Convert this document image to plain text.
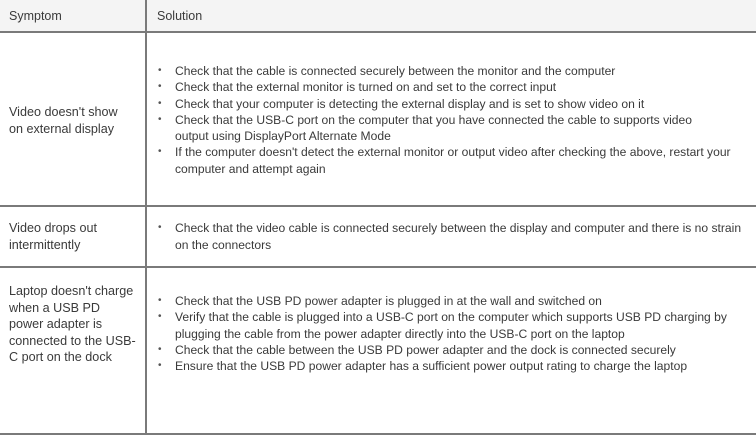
Symptom	Solution
Video doesn't show on external display
• Check that the cable is connected securely between the monitor and the computer
• Check that the external monitor is turned on and set to the correct input
• Check that your computer is detecting the external display and is set to show video on it
• Check that the USB-C port on the computer that you have connected the cable to supports video output using DisplayPort Alternate Mode
• If the computer doesn't detect the external monitor or output video after checking the above, restart your computer and attempt again
Video drops out intermittently
• Check that the video cable is connected securely between the display and computer and there is no strain on the connectors
Laptop doesn't charge when a USB PD power adapter is connected to the USB-C port on the dock
• Check that the USB PD power adapter is plugged in at the wall and switched on
• Verify that the cable is plugged into a USB-C port on the computer which supports USB PD charging by plugging the cable from the power adapter directly into the USB-C port on the laptop
• Check that the cable between the USB PD power adapter and the dock is connected securely
• Ensure that the USB PD power adapter has a sufficient power output rating to charge the laptop
